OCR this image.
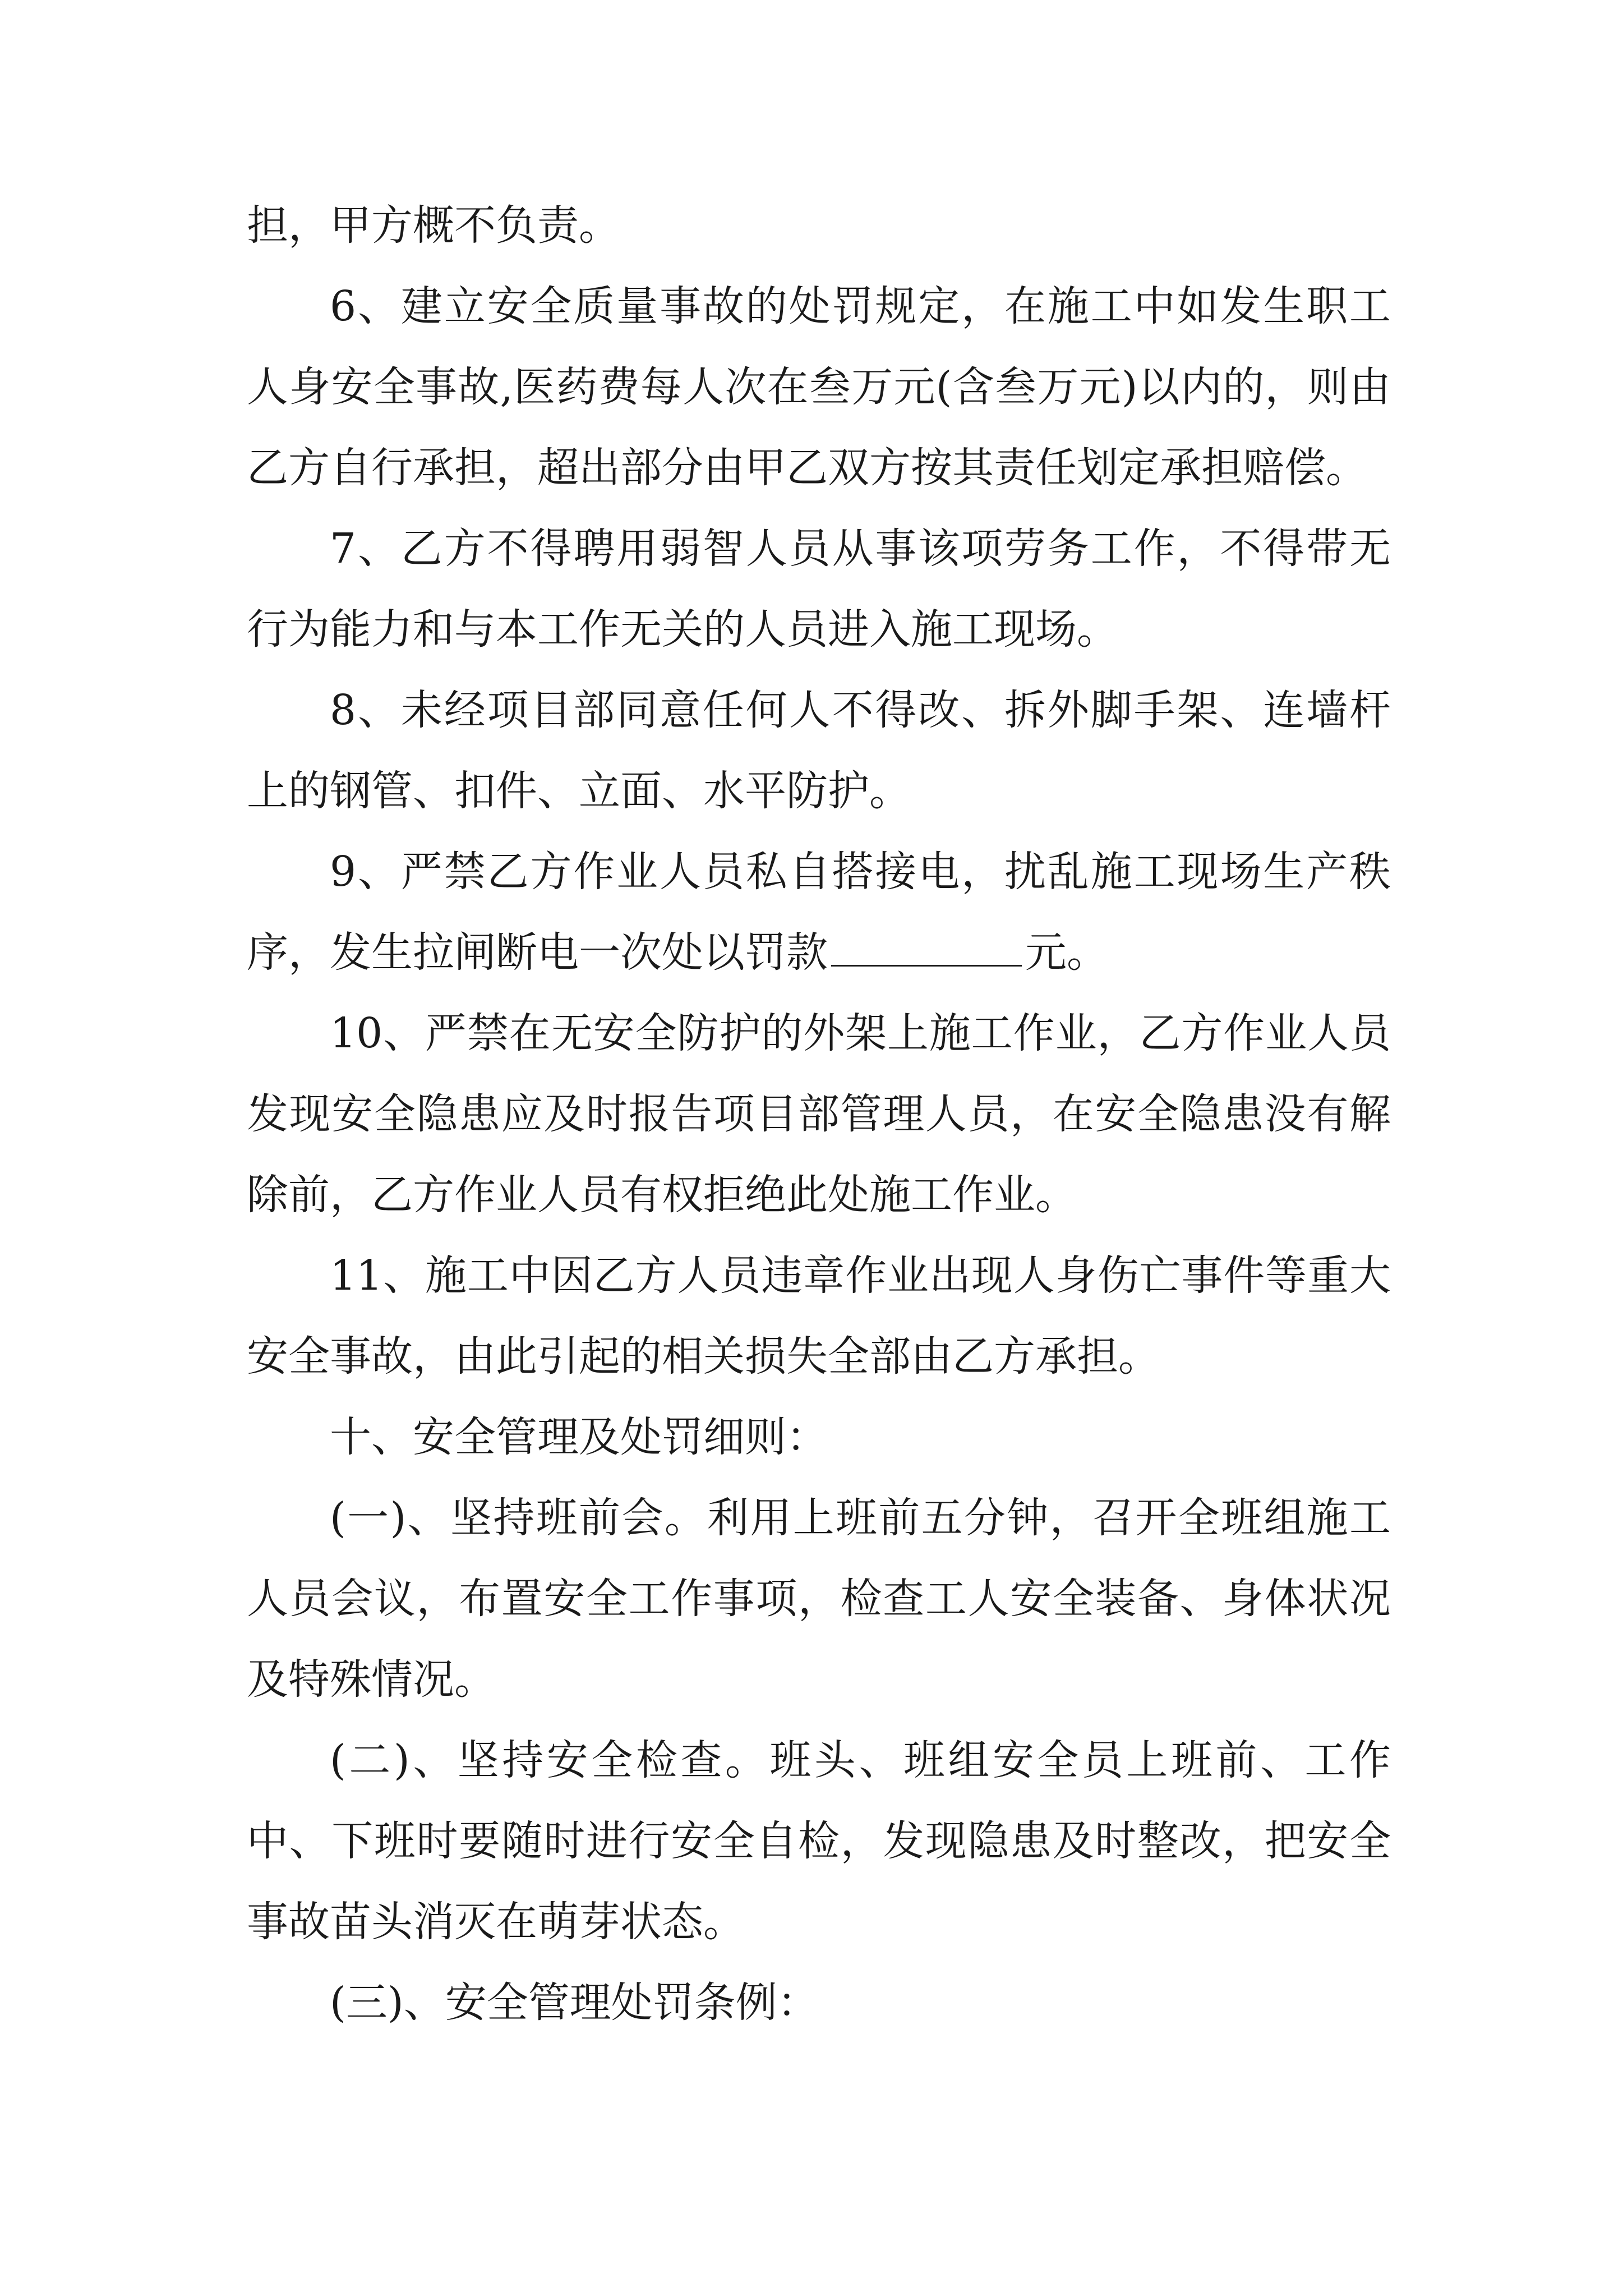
担，甲方概不负责。

6、建立安全质量事故的处罚规定，在施工中如发生职工人身安全事故,医药费每人次在叁万元(含叁万元)以内的，则由乙方自行承担，超出部分由甲乙双方按其责任划定承担赔偿。

7、乙方不得聘用弱智人员从事该项劳务工作，不得带无行为能力和与本工作无关的人员进入施工现场。

8、未经项目部同意任何人不得改、拆外脚手架、连墙杆上的钢管、扣件、立面、水平防护。

9、严禁乙方作业人员私自搭接电，扰乱施工现场生产秩序，发生拉闸断电一次处以罚款	元。

10、严禁在无安全防护的外架上施工作业，乙方作业人员发现安全隐患应及时报告项目部管理人员，在安全隐患没有解除前，乙方作业人员有权拒绝此处施工作业。

11、施工中因乙方人员违章作业出现人身伤亡事件等重大安全事故，由此引起的相关损失全部由乙方承担。

十、安全管理及处罚细则：

(一)、坚持班前会。利用上班前五分钟，召开全班组施工人员会议，布置安全工作事项，检查工人安全装备、身体状况及特殊情况。

(二)、坚持安全检查。班头、班组安全员上班前、工作中、下班时要随时进行安全自检，发现隐患及时整改，把安全事故苗头消灭在萌芽状态。

(三)、安全管理处罚条例：
